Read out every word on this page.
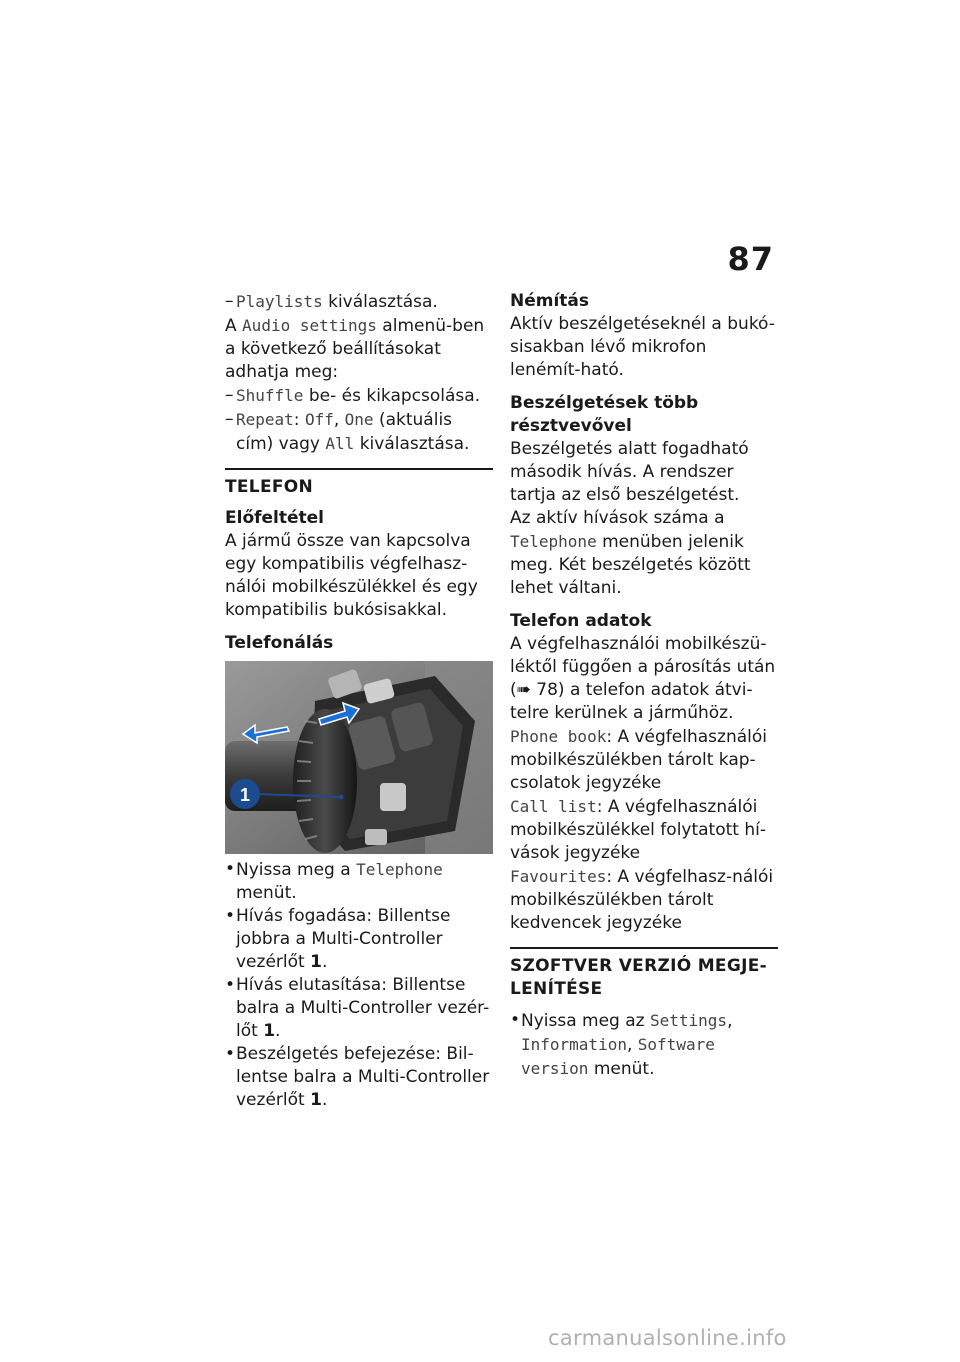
87

– Playlists kiválasztása.

A Audio settings almenü-ben a következő beállításokat adhatja meg:

– Shuffle be- és kikapcsolása.

– Repeat: Off, One (aktuális cím) vagy All kiválasztása.

TELEFON

Előfeltétel

A jármű össze van kapcsolva egy kompatibilis végfelhasz-nálói mobilkészülékkel és egy kompatibilis bukósisakkal.

Telefonálás

1

• Nyissa meg a Telephone menüt.

• Hívás fogadása: Billentse jobbra a Multi-Controller vezérlőt 1.

• Hívás elutasítása: Billentse balra a Multi-Controller vezér-lőt 1.

• Beszélgetés befejezése: Bil-lentse balra a Multi-Controller vezérlőt 1.

Némítás

Aktív beszélgetéseknél a bukó-sisakban lévő mikrofon lenémít-ható.

Beszélgetések több résztvevővel

Beszélgetés alatt fogadható második hívás. A rendszer tartja az első beszélgetést.

Az aktív hívások száma a Telephone menüben jelenik meg. Két beszélgetés között lehet váltani.

Telefon adatok

A végfelhasználói mobilkészü-léktől függően a párosítás után (➠ 78) a telefon adatok átvi-telre kerülnek a járműhöz.

Phone book: A végfelhasználói mobilkészülékben tárolt kap-csolatok jegyzéke

Call list: A végfelhasználói mobilkészülékkel folytatott hí-vások jegyzéke

Favourites: A végfelhasz-nálói mobilkészülékben tárolt kedvencek jegyzéke

SZOFTVER VERZIÓ MEGJE-LENÍTÉSE

• Nyissa meg az Settings, Information, Software version menüt.

carmanualsonline.info
